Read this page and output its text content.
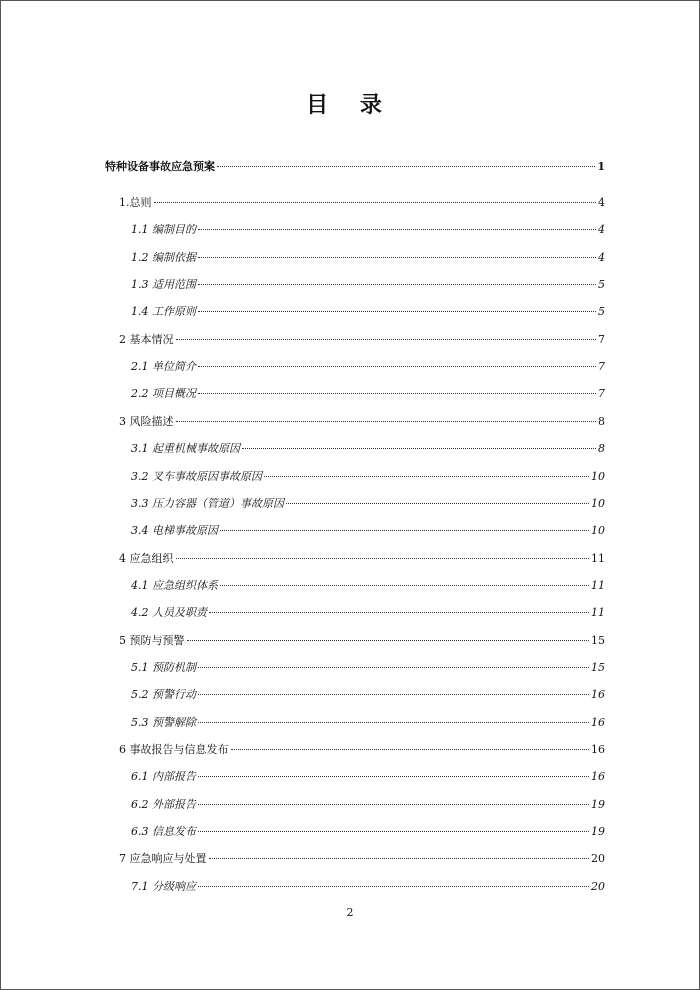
目 录
特种设备事故应急预案	1
1.总则	4
1.1 编制目的	4
1.2 编制依据	4
1.3 适用范围	5
1.4 工作原则	5
2 基本情况	7
2.1 单位简介	7
2.2 项目概况	7
3 风险描述	8
3.1 起重机械事故原因	8
3.2 叉车事故原因事故原因	10
3.3 压力容器（管道）事故原因	10
3.4 电梯事故原因	10
4 应急组织	11
4.1 应急组织体系	11
4.2 人员及职责	11
5 预防与预警	15
5.1 预防机制	15
5.2 预警行动	16
5.3 预警解除	16
6 事故报告与信息发布	16
6.1 内部报告	16
6.2 外部报告	19
6.3 信息发布	19
7 应急响应与处置	20
7.1 分级响应	20
2
